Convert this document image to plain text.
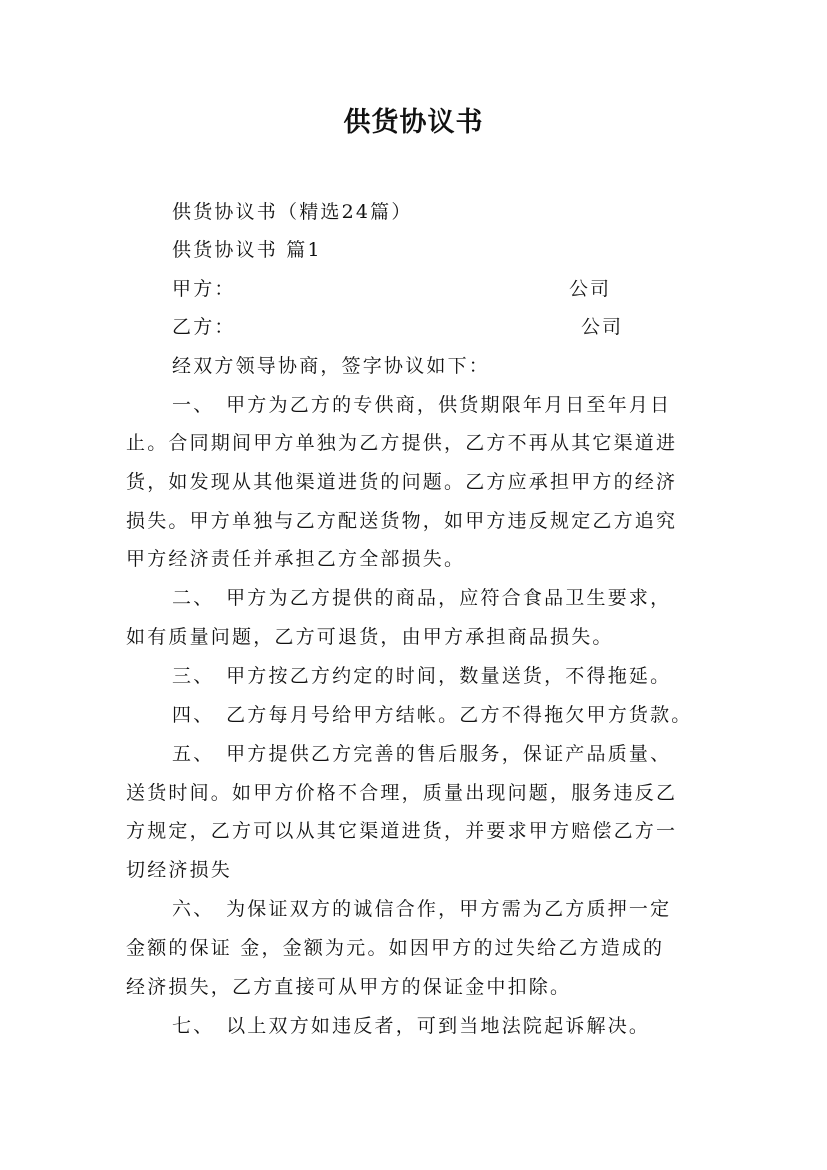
供货协议书
供货协议书（精选24篇）
供货协议书 篇1
甲方：	公司
乙方：	公司
经双方领导协商，签字协议如下：
一、　甲方为乙方的专供商，供货期限年月日至年月日
止。合同期间甲方单独为乙方提供，乙方不再从其它渠道进
货，如发现从其他渠道进货的问题。乙方应承担甲方的经济
损失。甲方单独与乙方配送货物，如甲方违反规定乙方追究
甲方经济责任并承担乙方全部损失。
二、　甲方为乙方提供的商品，应符合食品卫生要求，
如有质量问题，乙方可退货，由甲方承担商品损失。
三、　甲方按乙方约定的时间，数量送货，不得拖延。
四、　乙方每月号给甲方结帐。乙方不得拖欠甲方货款。
五、　甲方提供乙方完善的售后服务，保证产品质量、
送货时间。如甲方价格不合理，质量出现问题，服务违反乙
方规定，乙方可以从其它渠道进货，并要求甲方赔偿乙方一
切经济损失
六、　为保证双方的诚信合作，甲方需为乙方质押一定
金额的保证 金，金额为元。如因甲方的过失给乙方造成的
经济损失，乙方直接可从甲方的保证金中扣除。
七、　以上双方如违反者，可到当地法院起诉解决。
